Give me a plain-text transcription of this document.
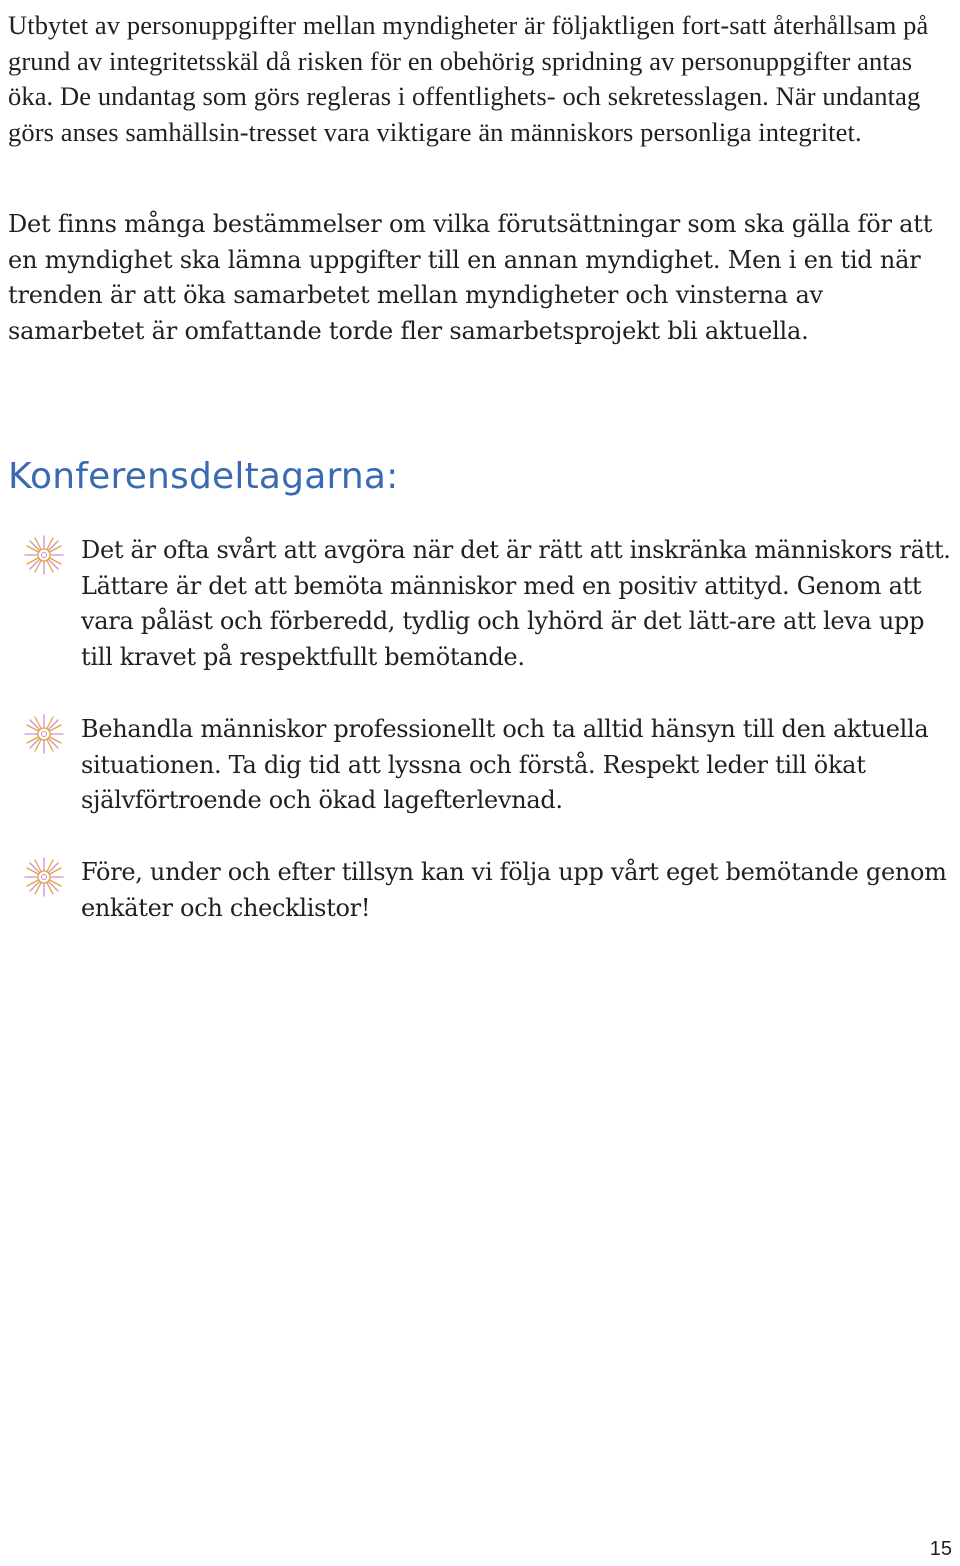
Utbytet av personuppgifter mellan myndigheter är följaktligen fort-satt återhållsam på grund av integritetsskäl då risken för en obehörig spridning av personuppgifter antas öka. De undantag som görs regleras i offentlighets- och sekretesslagen. När undantag görs anses samhällsin-tresset vara viktigare än människors personliga integritet.

Det finns många bestämmelser om vilka förutsättningar som ska gälla för att en myndighet ska lämna uppgifter till en annan myndighet. Men i en tid när trenden är att öka samarbetet mellan myndigheter och vinsterna av samarbetet är omfattande torde fler samarbetsprojekt bli aktuella.

Konferensdeltagarna:

Det är ofta svårt att avgöra när det är rätt att inskränka människors rätt. Lättare är det att bemöta människor med en positiv attityd. Genom att vara påläst och förberedd, tydlig och lyhörd är det lätt-are att leva upp till kravet på respektfullt bemötande.

Behandla människor professionellt och ta alltid hänsyn till den aktuella situationen. Ta dig tid att lyssna och förstå. Respekt leder till ökat självförtroende och ökad lagefterlevnad.

Före, under och efter tillsyn kan vi följa upp vårt eget bemötande genom enkäter och checklistor!

15
